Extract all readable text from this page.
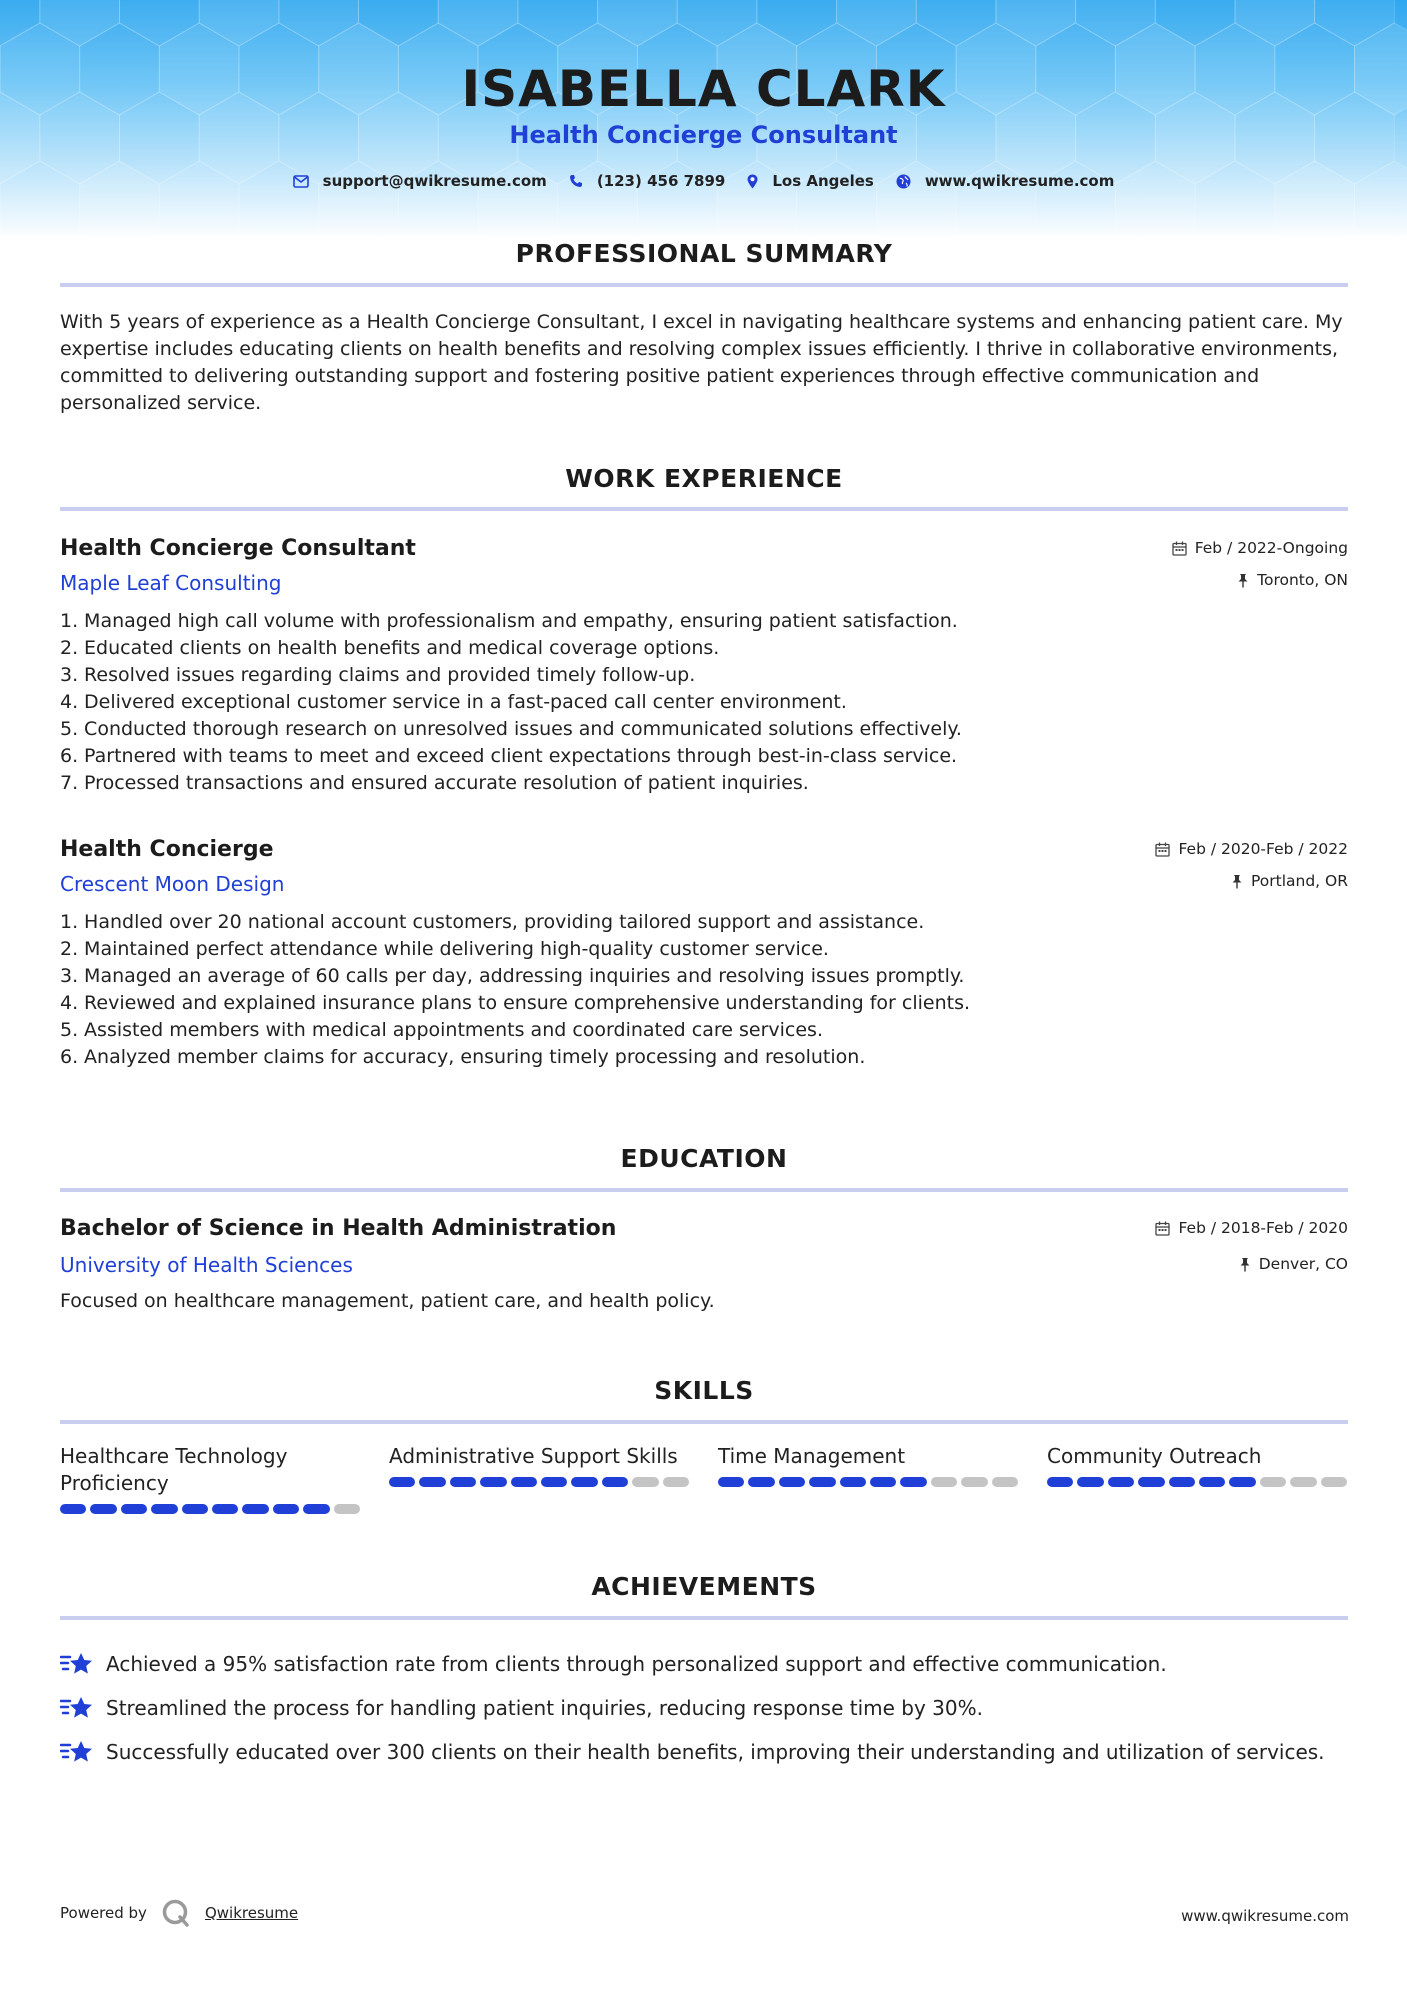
ISABELLA CLARK
Health Concierge Consultant
support@qwikresume.com	(123) 456 7899	Los Angeles	www.qwikresume.com
PROFESSIONAL SUMMARY
With 5 years of experience as a Health Concierge Consultant, I excel in navigating healthcare systems and enhancing patient care. My expertise includes educating clients on health benefits and resolving complex issues efficiently. I thrive in collaborative environments, committed to delivering outstanding support and fostering positive patient experiences through effective communication and personalized service.
WORK EXPERIENCE
Health Concierge Consultant
Maple Leaf Consulting
Feb / 2022-Ongoing
Toronto, ON
1. Managed high call volume with professionalism and empathy, ensuring patient satisfaction.
2. Educated clients on health benefits and medical coverage options.
3. Resolved issues regarding claims and provided timely follow-up.
4. Delivered exceptional customer service in a fast-paced call center environment.
5. Conducted thorough research on unresolved issues and communicated solutions effectively.
6. Partnered with teams to meet and exceed client expectations through best-in-class service.
7. Processed transactions and ensured accurate resolution of patient inquiries.
Health Concierge
Crescent Moon Design
Feb / 2020-Feb / 2022
Portland, OR
1. Handled over 20 national account customers, providing tailored support and assistance.
2. Maintained perfect attendance while delivering high-quality customer service.
3. Managed an average of 60 calls per day, addressing inquiries and resolving issues promptly.
4. Reviewed and explained insurance plans to ensure comprehensive understanding for clients.
5. Assisted members with medical appointments and coordinated care services.
6. Analyzed member claims for accuracy, ensuring timely processing and resolution.
EDUCATION
Bachelor of Science in Health Administration
University of Health Sciences
Feb / 2018-Feb / 2020
Denver, CO
Focused on healthcare management, patient care, and health policy.
SKILLS
Healthcare Technology Proficiency
Administrative Support Skills	Time Management	Community Outreach
ACHIEVEMENTS
Achieved a 95% satisfaction rate from clients through personalized support and effective communication.
Streamlined the process for handling patient inquiries, reducing response time by 30%.
Successfully educated over 300 clients on their health benefits, improving their understanding and utilization of services.
Powered by	Qwikresume	www.qwikresume.com
